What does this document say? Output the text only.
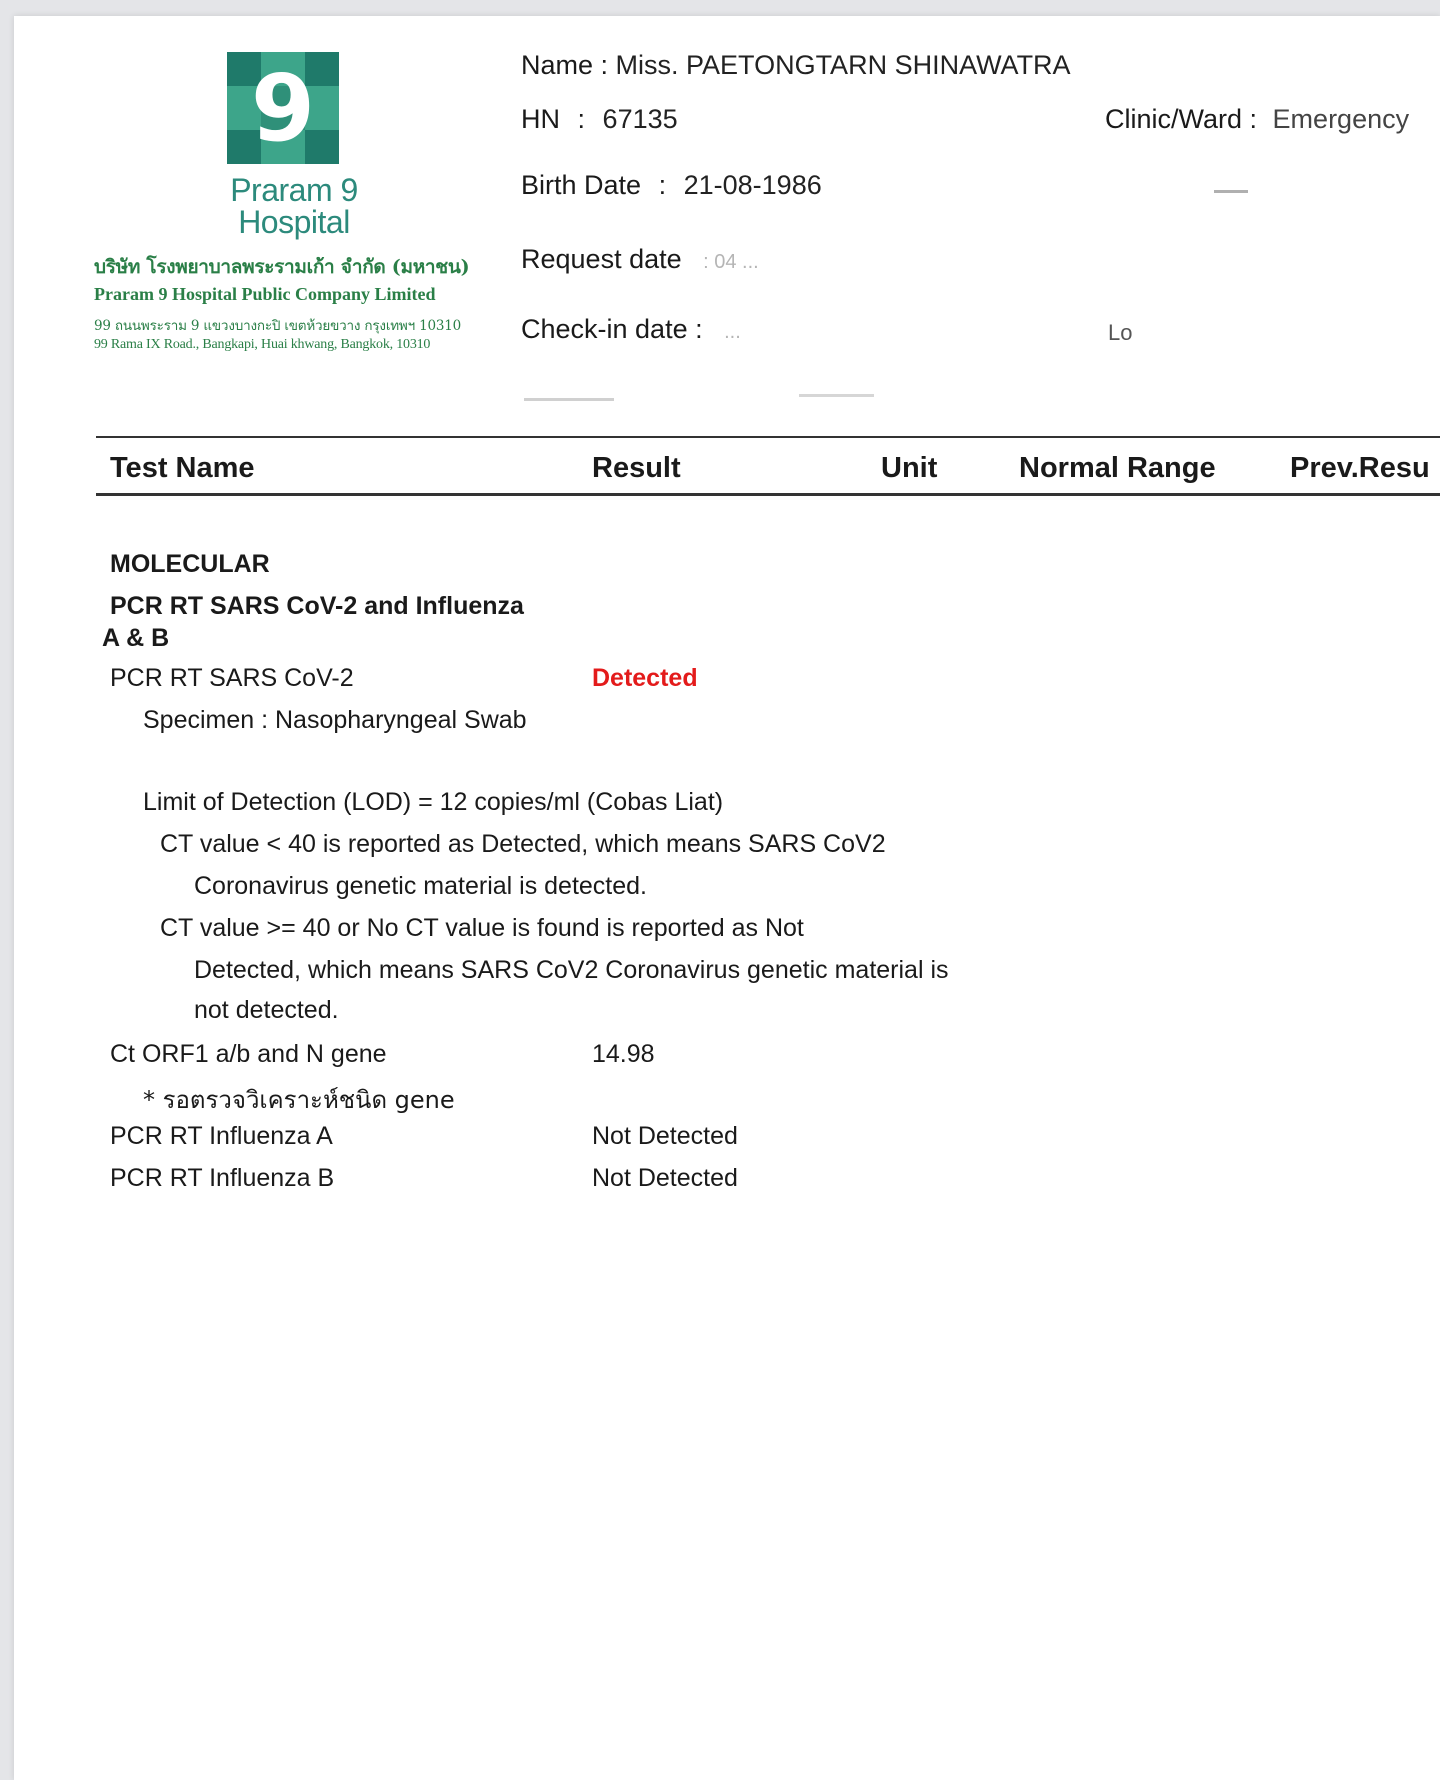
9
Praram 9
Hospital
บริษัท โรงพยาบาลพระรามเก้า จำกัด (มหาชน)
Praram 9 Hospital Public Company Limited
99 ถนนพระราม 9 แขวงบางกะปิ เขตห้วยขวาง กรุงเทพฯ 10310
99 Rama IX Road., Bangkapi, Huai khwang, Bangkok, 10310
Name : Miss. PAETONGTARN SHINAWATRA
HN : 67135	Clinic/Ward : Emergency
Birth Date : 21-08-1986
Request date : 04 ...
Check-in date : ...	Lo
Test Name	Result	Unit	Normal Range	Prev.Resu
MOLECULAR
PCR RT SARS CoV-2 and Influenza
A & B
PCR RT SARS CoV-2	Detected
Specimen : Nasopharyngeal Swab
Limit of Detection (LOD) = 12 copies/ml (Cobas Liat)
CT value < 40 is reported as Detected, which means SARS CoV2
Coronavirus genetic material is detected.
CT value >= 40 or No CT value is found is reported as Not
Detected, which means SARS CoV2 Coronavirus genetic material is
not detected.
Ct ORF1 a/b and N gene	14.98
* รอตรวจวิเคราะห์ชนิด gene
PCR RT Influenza A	Not Detected
PCR RT Influenza B	Not Detected
